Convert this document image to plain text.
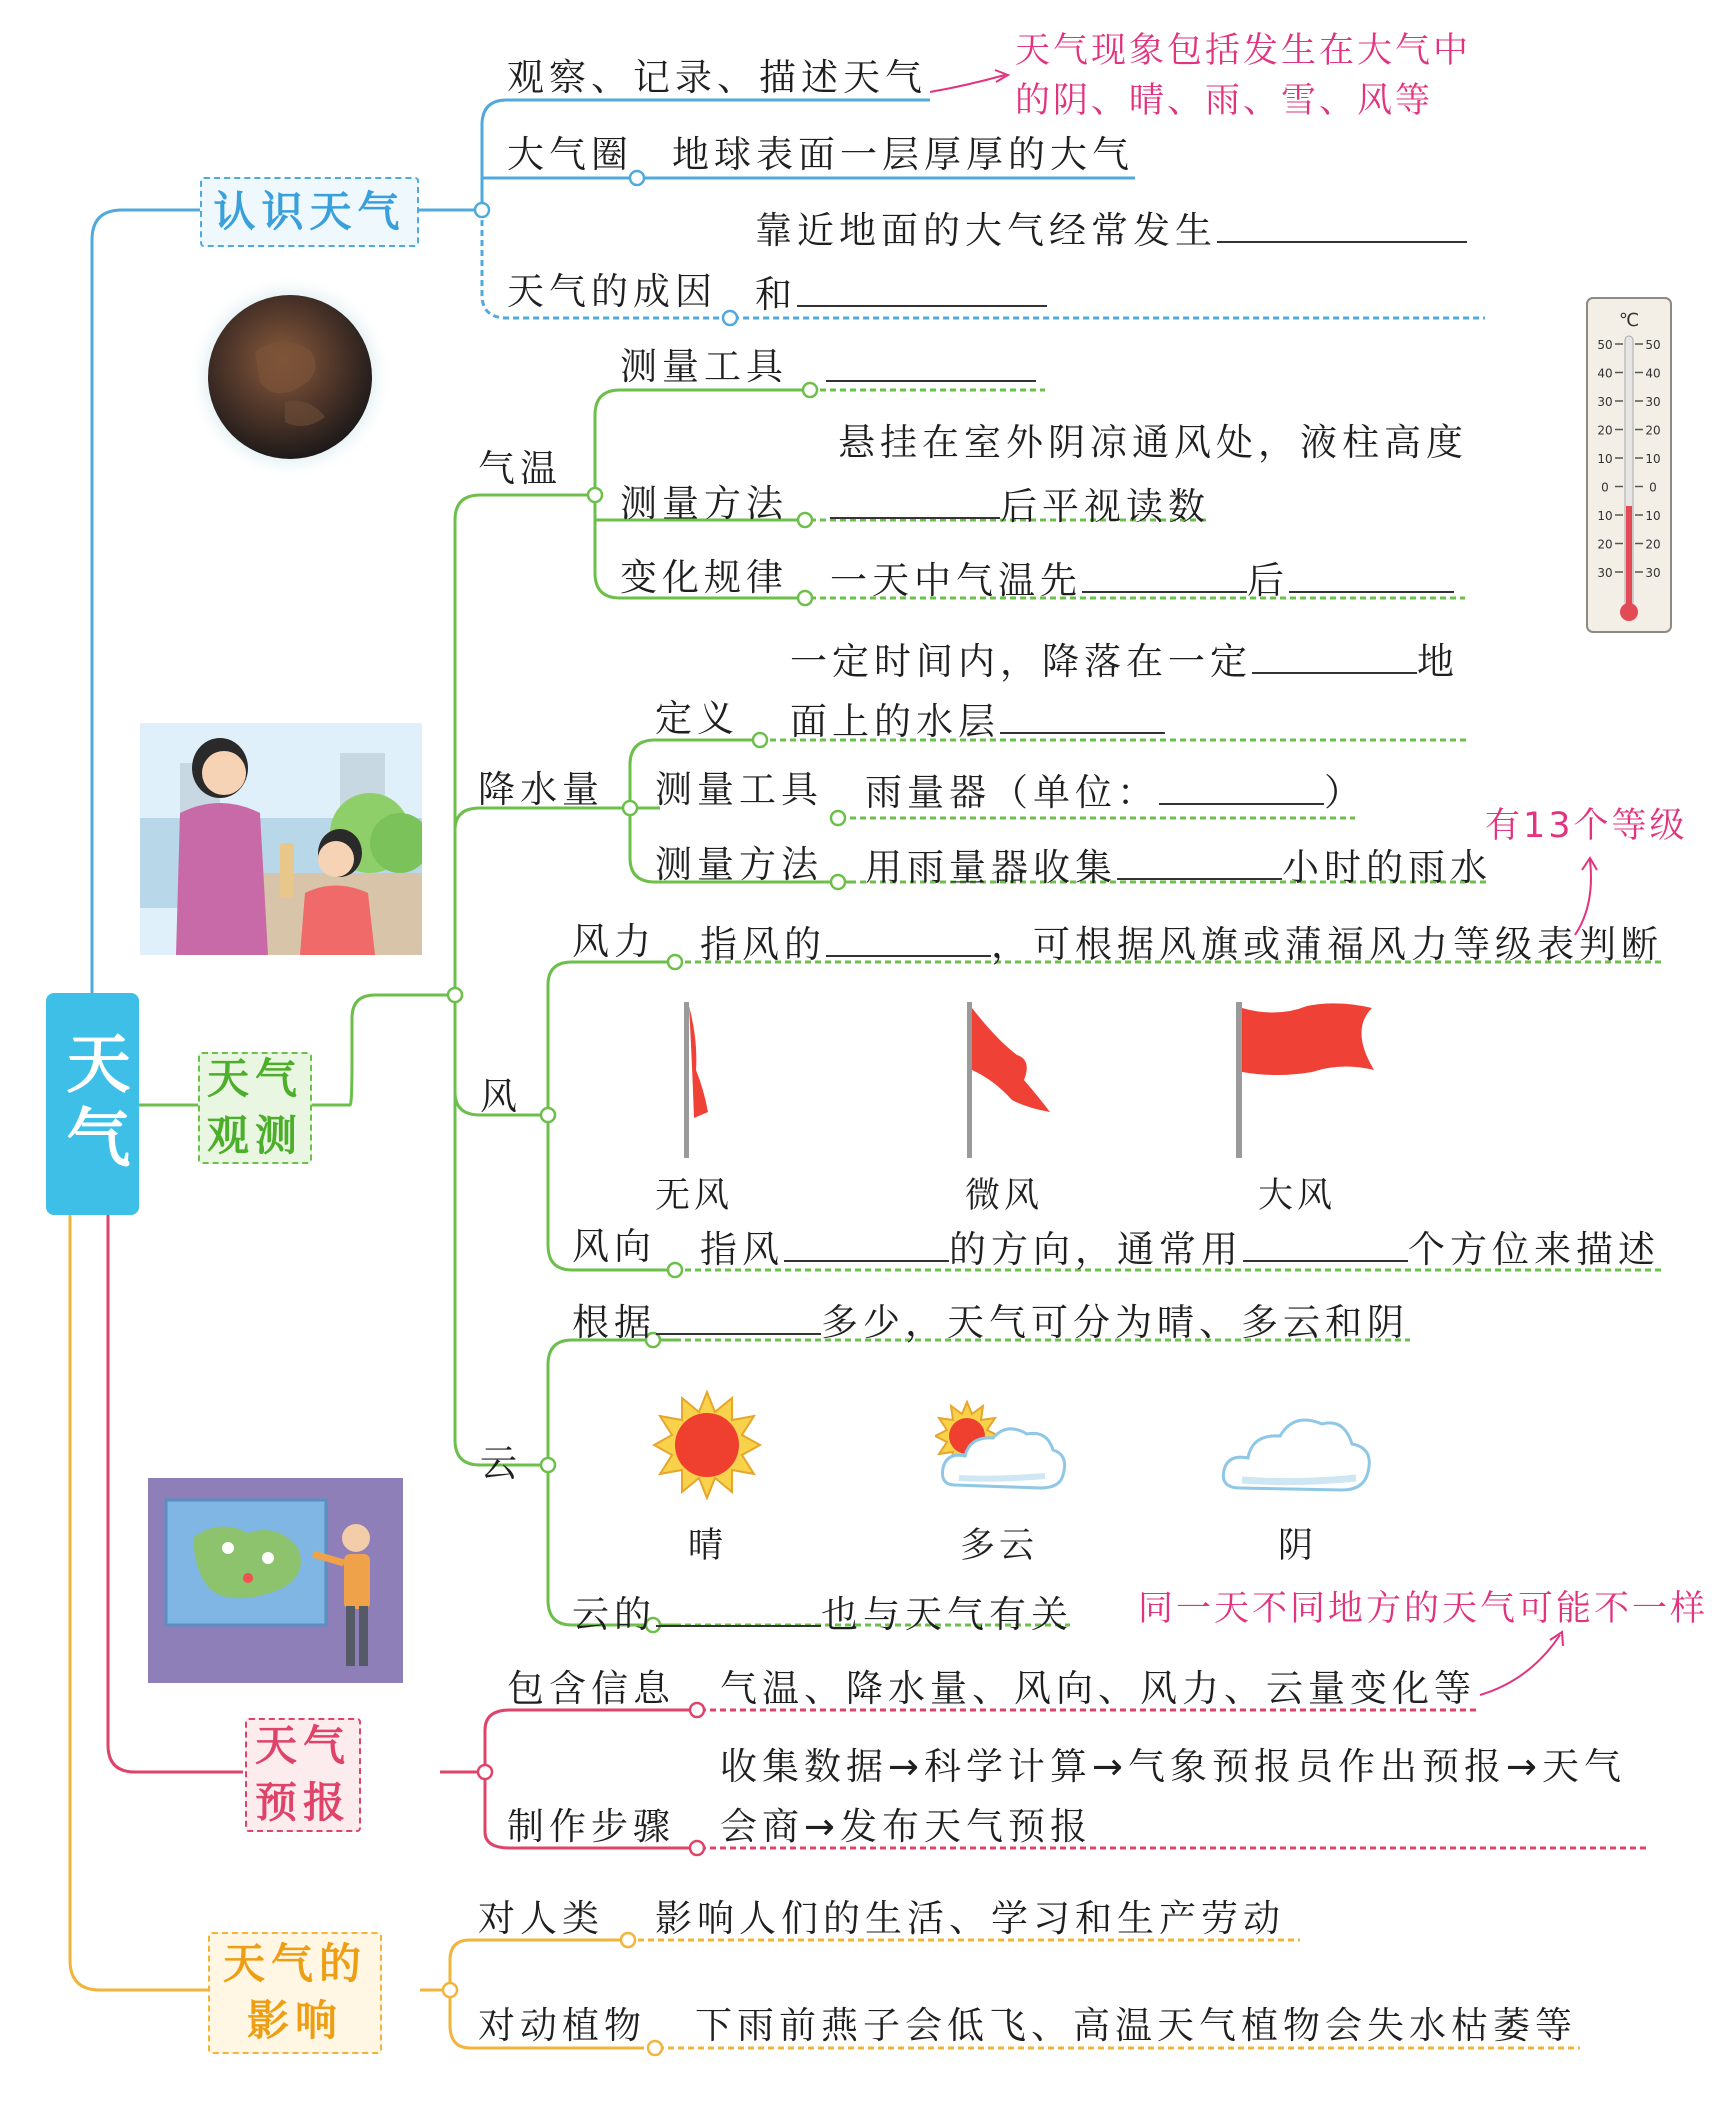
天气
认识天气
天气
观测
天气
预报
天气的
影响
观察、记录、描述天气
天气现象包括发生在大气中
的阴、晴、雨、雪、风等
大气圈 地球表面一层厚厚的大气
靠近地面的大气经常发生
天气的成因 和
气温
测量工具
悬挂在室外阴凉通风处，液柱高度
测量方法	后平视读数
变化规律 一天中气温先	后
℃
50	50
40	40
30	30
20	20
10	10
0	0
10	10
20	20
30	30
降水量
一定时间内，降落在一定	地
定义 面上的水层
测量工具 雨量器（单位：	）
测量方法 用雨量器收集	小时的雨水
有13个等级
风
风力 指风的	，可根据风旗或蒲福风力等级表判断
无风	微风	大风
风向 指风	的方向，通常用	个方位来描述
云
根据	多少，天气可分为晴、多云和阴
晴	多云	阴
云的	也与天气有关 同一天不同地方的天气可能不一样
包含信息 气温、降水量、风向、风力、云量变化等
收集数据→科学计算→气象预报员作出预报→天气
制作步骤 会商→发布天气预报
对人类 影响人们的生活、学习和生产劳动
对动植物 下雨前燕子会低飞、高温天气植物会失水枯萎等
